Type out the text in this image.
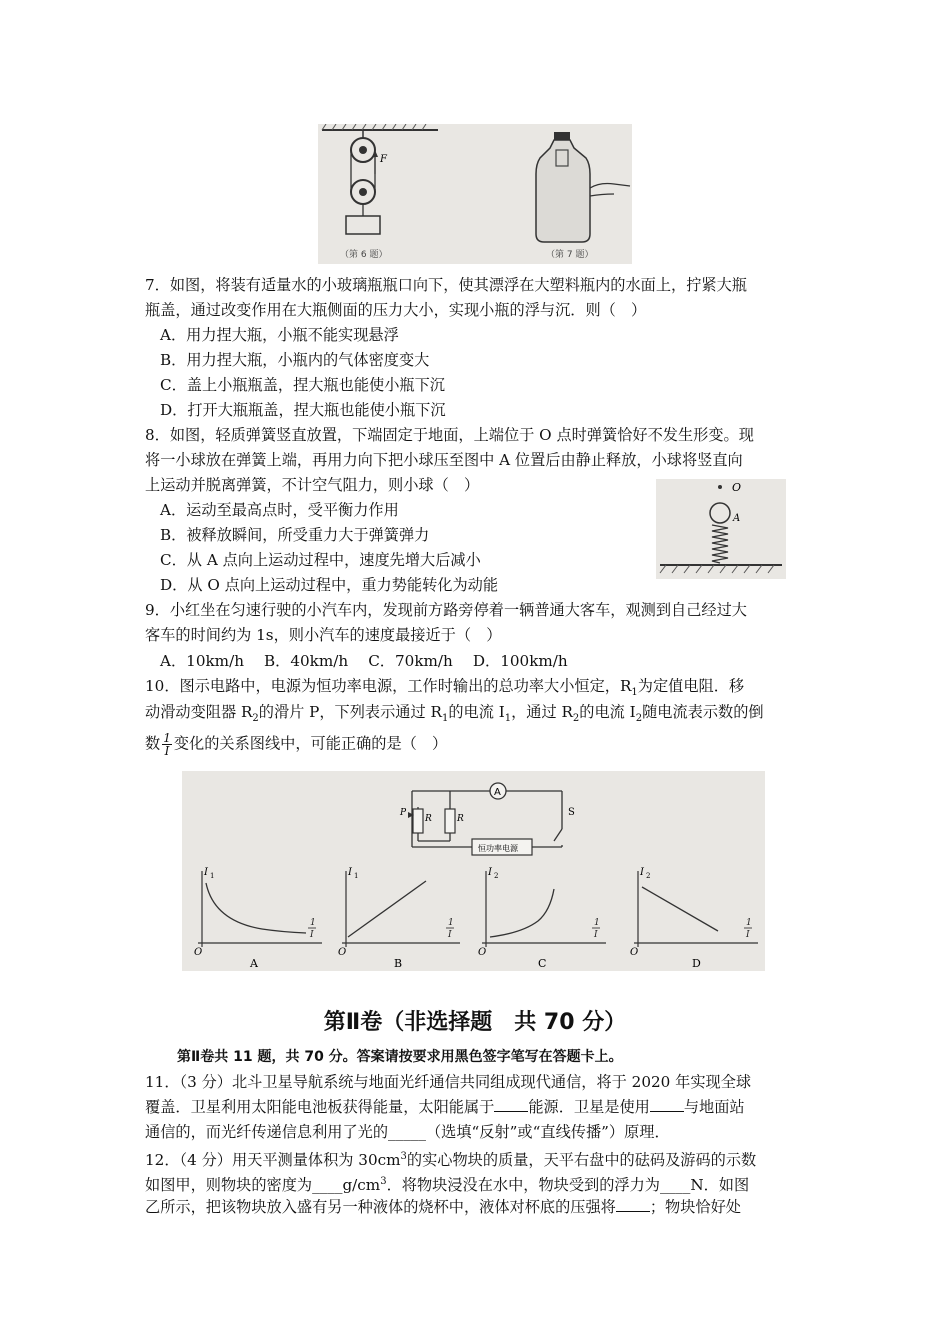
F
（第 6 题）	（第 7 题）
7．如图，将装有适量水的小玻璃瓶瓶口向下，使其漂浮在大塑料瓶内的水面上，拧紧大瓶
瓶盖，通过改变作用在大瓶侧面的压力大小，实现小瓶的浮与沉．则（　）
A．用力捏大瓶，小瓶不能实现悬浮
B．用力捏大瓶，小瓶内的气体密度变大
C．盖上小瓶瓶盖，捏大瓶也能使小瓶下沉
D．打开大瓶瓶盖，捏大瓶也能使小瓶下沉
8．如图，轻质弹簧竖直放置，下端固定于地面，上端位于 O 点时弹簧恰好不发生形变。现
将一小球放在弹簧上端，再用力向下把小球压至图中 A 位置后由静止释放，小球将竖直向
上运动并脱离弹簧，不计空气阻力，则小球（　）
A．运动至最高点时，受平衡力作用
B．被释放瞬间，所受重力大于弹簧弹力
C．从 A 点向上运动过程中，速度先增大后减小
D．从 O 点向上运动过程中，重力势能转化为动能
O
A
9．小红坐在匀速行驶的小汽车内，发现前方路旁停着一辆普通大客车，观测到自己经过大
客车的时间约为 1s，则小汽车的速度最接近于（　）
A．10km/h　 B．40km/h　 C．70km/h　 D．100km/h
10．图示电路中，电源为恒功率电源，工作时输出的总功率大小恒定，$R_1$为定值电阻．移
动滑动变阻器 $R_2$的滑片 P，下列表示通过 $R_1$的电流 $I_1$，通过 $R_2$的电流 $I_2$随电流表示数的倒
数 $\frac{1}{I}$ 变化的关系图线中，可能正确的是（　）
A
R	R
P	S
恒功率电源
I 1
O
A
I 1
O
B
I 2
O
C
I 2
O
D
1
I
1
I
1
I
1
I
第Ⅱ卷（非选择题　共 70 分）
第Ⅱ卷共 11 题，共 70 分。答案请按要求用黑色签字笔写在答题卡上。
11．（3 分）北斗卫星导航系统与地面光纤通信共同组成现代通信，将于 2020 年实现全球
覆盖．卫星利用太阳能电池板获得能量，太阳能属于 能源．卫星是使用 与地面站
通信的，而光纤传递信息利用了光的_____（选填“反射”或“直线传播”）原理．
12．（4 分）用天平测量体积为 $30cm^3$的实心物块的质量，天平右盘中的砝码及游码的示数
如图甲，则物块的密度为$\_\_\_\_g/cm^3$．将物块浸没在水中，物块受到的浮力为____N．如图
乙所示，把该物块放入盛有另一种液体的烧杯中，液体对杯底的压强将 ；物块恰好处
